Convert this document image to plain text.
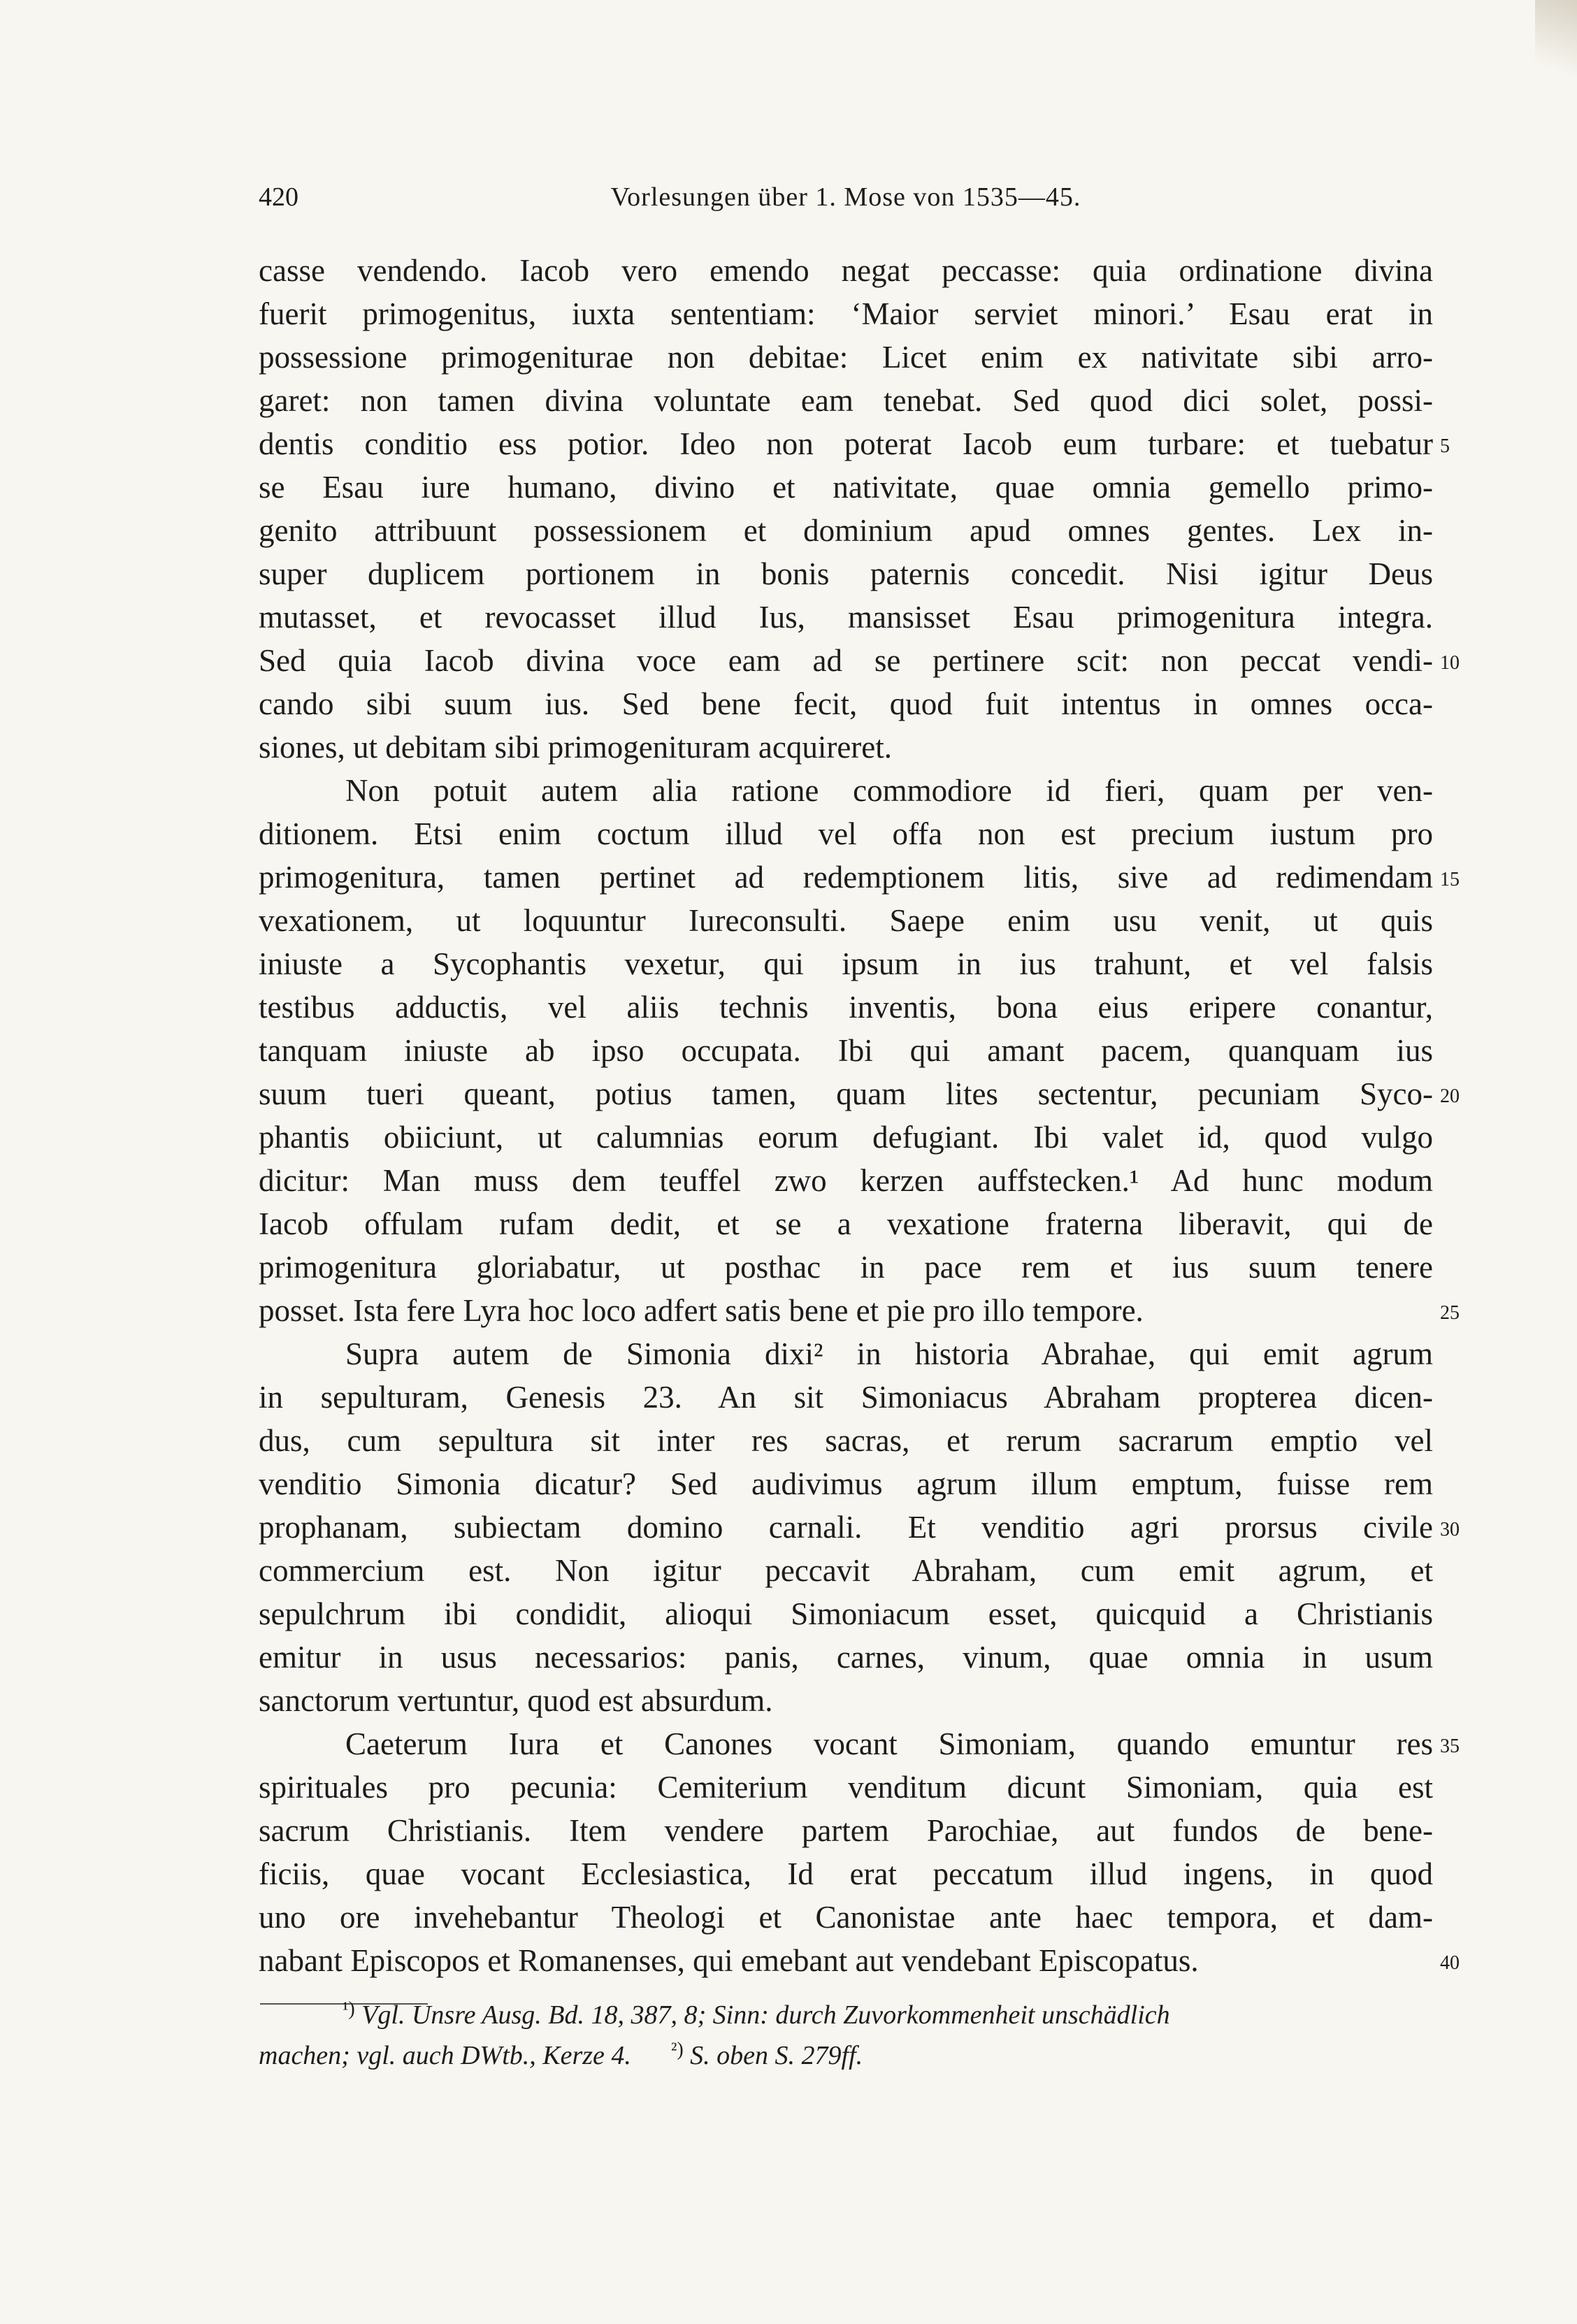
420	Vorlesungen über 1. Mose von 1535—45.
casse vendendo. Iacob vero emendo negat peccasse: quia ordinatione divina
fuerit primogenitus, iuxta sententiam: ‘Maior serviet minori.’ Esau erat in
possessione primogeniturae non debitae: Licet enim ex nativitate sibi arro-
garet: non tamen divina voluntate eam tenebat. Sed quod dici solet, possi-
dentis conditio ess potior. Ideo non poterat Iacob eum turbare: et tuebatur 5
se Esau iure humano, divino et nativitate, quae omnia gemello primo-
genito attribuunt possessionem et dominium apud omnes gentes. Lex in-
super duplicem portionem in bonis paternis concedit. Nisi igitur Deus
mutasset, et revocasset illud Ius, mansisset Esau primogenitura integra.
Sed quia Iacob divina voce eam ad se pertinere scit: non peccat vendi- 10
cando sibi suum ius. Sed bene fecit, quod fuit intentus in omnes occa-
siones, ut debitam sibi primogenituram acquireret.
Non potuit autem alia ratione commodiore id fieri, quam per ven-
ditionem. Etsi enim coctum illud vel offa non est precium iustum pro
primogenitura, tamen pertinet ad redemptionem litis, sive ad redimendam 15
vexationem, ut loquuntur Iureconsulti. Saepe enim usu venit, ut quis
iniuste a Sycophantis vexetur, qui ipsum in ius trahunt, et vel falsis
testibus adductis, vel aliis technis inventis, bona eius eripere conantur,
tanquam iniuste ab ipso occupata. Ibi qui amant pacem, quanquam ius
suum tueri queant, potius tamen, quam lites sectentur, pecuniam Syco- 20
phantis obiiciunt, ut calumnias eorum defugiant. Ibi valet id, quod vulgo
dicitur: Man muss dem teuffel zwo kerzen auffstecken.¹ Ad hunc modum
Iacob offulam rufam dedit, et se a vexatione fraterna liberavit, qui de
primogenitura gloriabatur, ut posthac in pace rem et ius suum tenere
posset. Ista fere Lyra hoc loco adfert satis bene et pie pro illo tempore.	25
Supra autem de Simonia dixi² in historia Abrahae, qui emit agrum
in sepulturam, Genesis 23. An sit Simoniacus Abraham propterea dicen-
dus, cum sepultura sit inter res sacras, et rerum sacrarum emptio vel
venditio Simonia dicatur? Sed audivimus agrum illum emptum, fuisse rem
prophanam, subiectam domino carnali. Et venditio agri prorsus civile 30
commercium est. Non igitur peccavit Abraham, cum emit agrum, et
sepulchrum ibi condidit, alioqui Simoniacum esset, quicquid a Christianis
emitur in usus necessarios: panis, carnes, vinum, quae omnia in usum
sanctorum vertuntur, quod est absurdum.
Caeterum Iura et Canones vocant Simoniam, quando emuntur res 35
spirituales pro pecunia: Cemiterium venditum dicunt Simoniam, quia est
sacrum Christianis. Item vendere partem Parochiae, aut fundos de bene-
ficiis, quae vocant Ecclesiastica, Id erat peccatum illud ingens, in quod
uno ore invehebantur Theologi et Canonistae ante haec tempora, et dam-
nabant Episcopos et Romanenses, qui emebant aut vendebant Episcopatus.	40
$^{^1)}$ Vgl. Unsre Ausg. Bd. 18, 387, 8; Sinn: durch Zuvorkommenheit unschädlich
machen; vgl. auch DWtb., Kerze 4. $^{^2)}$ S. oben S. 279ff.
